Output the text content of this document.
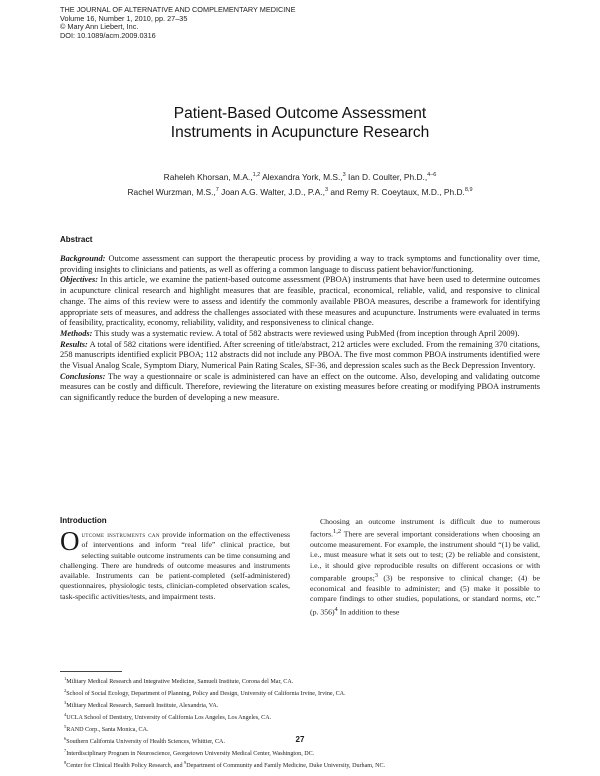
THE JOURNAL OF ALTERNATIVE AND COMPLEMENTARY MEDICINE
Volume 16, Number 1, 2010, pp. 27–35
© Mary Ann Liebert, Inc.
DOI: 10.1089/acm.2009.0316
Patient-Based Outcome Assessment
Instruments in Acupuncture Research
Raheleh Khorsan, M.A.,$^{1,2}$ Alexandra York, M.S.,$^3$ Ian D. Coulter, Ph.D.,$^{4-6}$
Rachel Wurzman, M.S.,$^7$ Joan A.G. Walter, J.D., P.A.,$^3$ and Remy R. Coeytaux, M.D., Ph.D.$^{8,9}$
Abstract

Background: Outcome assessment can support the therapeutic process by providing a way to track symptoms and functionality over time, providing insights to clinicians and patients, as well as offering a common language to discuss patient behavior/functioning.

Objectives: In this article, we examine the patient-based outcome assessment (PBOA) instruments that have been used to determine outcomes in acupuncture clinical research and highlight measures that are feasible, practical, economical, reliable, valid, and responsive to clinical change. The aims of this review were to assess and identify the commonly available PBOA measures, describe a framework for identifying appropriate sets of measures, and address the challenges associated with these measures and acupuncture. Instruments were evaluated in terms of feasibility, practicality, economy, reliability, validity, and responsiveness to clinical change.

Methods: This study was a systematic review. A total of 582 abstracts were reviewed using PubMed (from inception through April 2009).

Results: A total of 582 citations were identified. After screening of title/abstract, 212 articles were excluded. From the remaining 370 citations, 258 manuscripts identified explicit PBOA; 112 abstracts did not include any PBOA. The five most common PBOA instruments identified were the Visual Analog Scale, Symptom Diary, Numerical Pain Rating Scales, SF-36, and depression scales such as the Beck Depression Inventory.

Conclusions: The way a questionnaire or scale is administered can have an effect on the outcome. Also, developing and validating outcome measures can be costly and difficult. Therefore, reviewing the literature on existing measures before creating or modifying PBOA instruments can significantly reduce the burden of developing a new measure.

Introduction

Outcome instruments can provide information on the effectiveness of interventions and inform “real life” clinical practice, but selecting suitable outcome instruments can be time consuming and challenging. There are hundreds of outcome measures and instruments available. Instruments can be patient-completed (self-administered) questionnaires, physiologic tests, clinician-completed observation scales, task-specific activities/tests, and impairment tests.

Choosing an outcome instrument is difficult due to numerous factors.$^{1,2}$ There are several important considerations when choosing an outcome measurement. For example, the instrument should “(1) be valid, i.e., must measure what it sets out to test; (2) be reliable and consistent, i.e., it should give reproducible results on different occasions or with comparable groups;$^3$ (3) be responsive to clinical change; (4) be economical and feasible to administer; and (5) make it possible to compare findings to other studies, populations, or standard norms, etc.” (p. 356)$^4$ In addition to these

$^1$Military Medical Research and Integrative Medicine, Samueli Institute, Corona del Mar, CA.
$^2$School of Social Ecology, Department of Planning, Policy and Design, University of California Irvine, Irvine, CA.
$^3$Military Medical Research, Samueli Institute, Alexandria, VA.
$^4$UCLA School of Dentistry, University of California Los Angeles, Los Angeles, CA.
$^5$RAND Corp., Santa Monica, CA.
$^6$Southern California University of Health Sciences, Whittier, CA.
$^7$Interdisciplinary Program in Neuroscience, Georgetown University Medical Center, Washington, DC.
$^8$Center for Clinical Health Policy Research, and $^9$Department of Community and Family Medicine, Duke University, Durham, NC.
27
